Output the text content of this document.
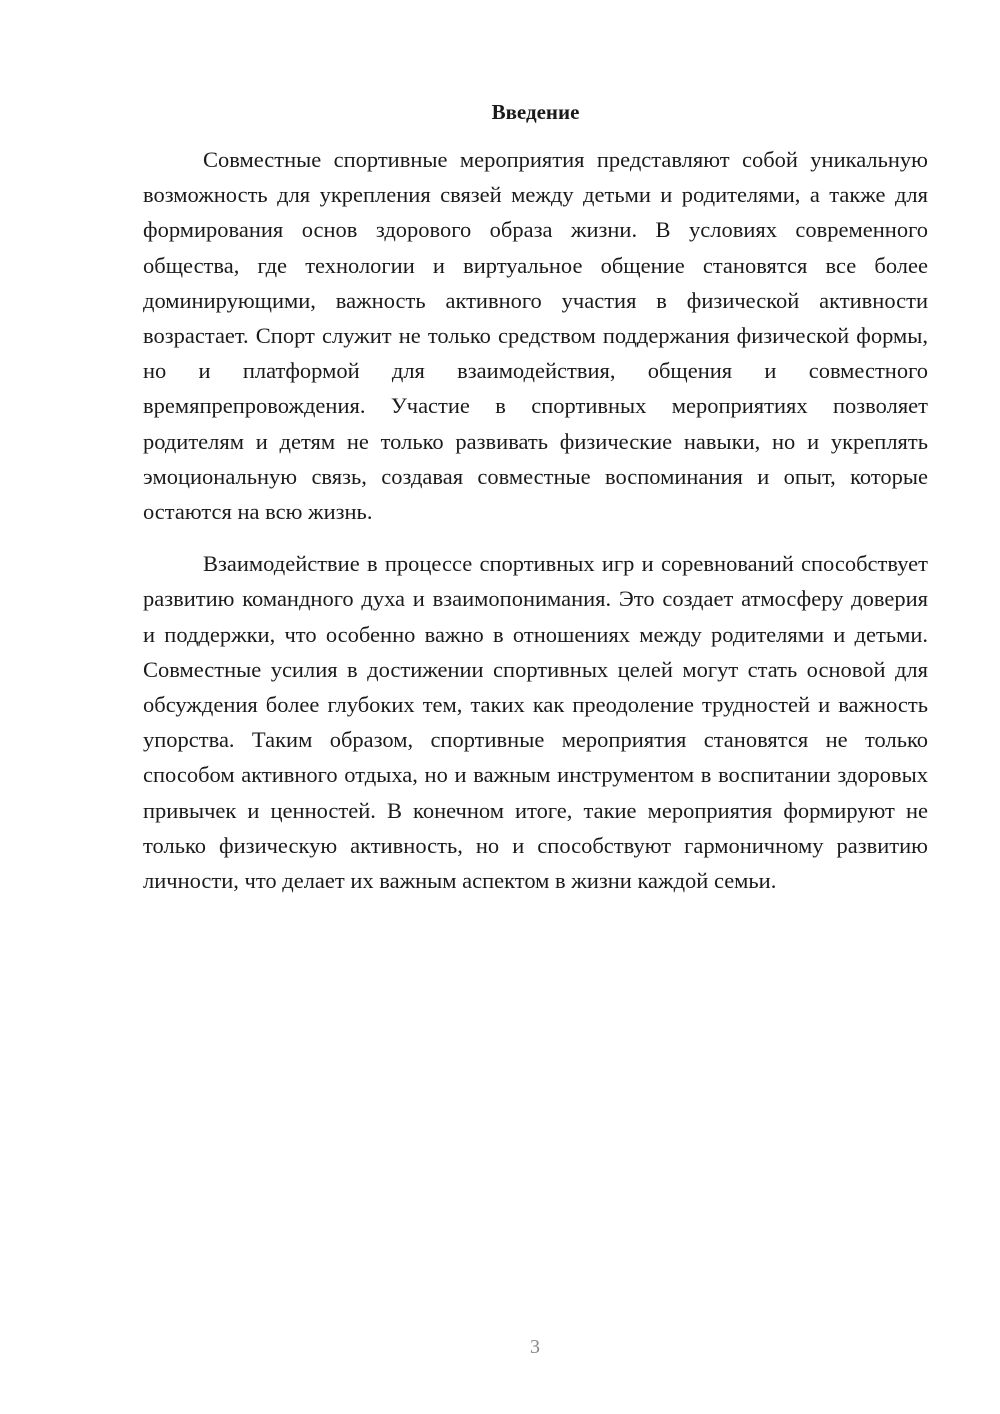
Введение

Совместные спортивные мероприятия представляют собой уникальную возможность для укрепления связей между детьми и родителями, а также для формирования основ здорового образа жизни. В условиях современного общества, где технологии и виртуальное общение становятся все более доминирующими, важность активного участия в физической активности возрастает. Спорт служит не только средством поддержания физической формы, но и платформой для взаимодействия, общения и совместного времяпрепровождения. Участие в спортивных мероприятиях позволяет родителям и детям не только развивать физические навыки, но и укреплять эмоциональную связь, создавая совместные воспоминания и опыт, которые остаются на всю жизнь.

Взаимодействие в процессе спортивных игр и соревнований способствует развитию командного духа и взаимопонимания. Это создает атмосферу доверия и поддержки, что особенно важно в отношениях между родителями и детьми. Совместные усилия в достижении спортивных целей могут стать основой для обсуждения более глубоких тем, таких как преодоление трудностей и важность упорства. Таким образом, спортивные мероприятия становятся не только способом активного отдыха, но и важным инструментом в воспитании здоровых привычек и ценностей. В конечном итоге, такие мероприятия формируют не только физическую активность, но и способствуют гармоничному развитию личности, что делает их важным аспектом в жизни каждой семьи.

3
